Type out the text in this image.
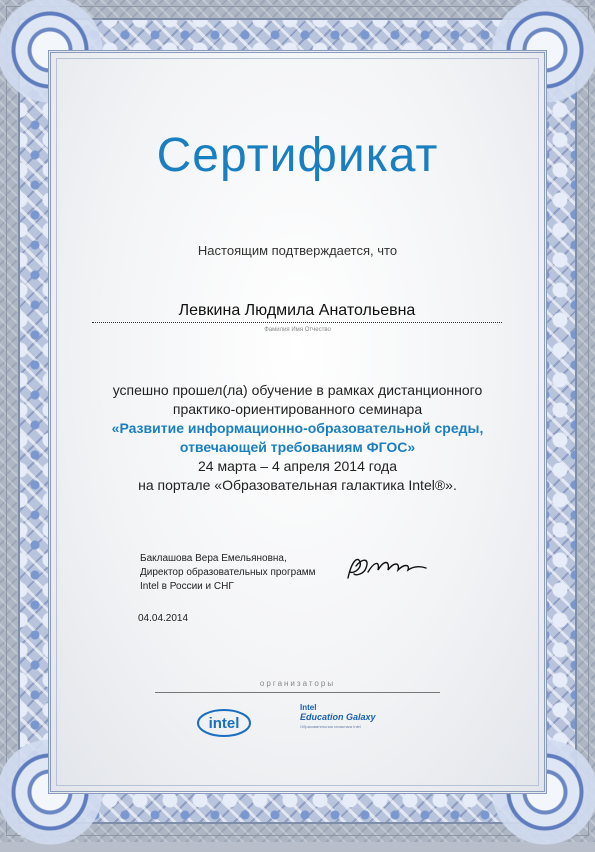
Сертификат
Настоящим подтверждается, что
Левкина Людмила Анатольевна
Фамилия Имя Отчество
успешно прошел(ла) обучение в рамках дистанционного
практико-ориентированного семинара
«Развитие информационно-образовательной среды,
отвечающей требованиям ФГОС»
24 марта – 4 апреля 2014 года
на портале «Образовательная галактика Intel®».
Баклашова Вера Емельяновна,
Директор образовательных программ
Intel в России и СНГ
04.04.2014
организаторы
intel
Intel
Education Galaxy
Образовательная галактика Intel
